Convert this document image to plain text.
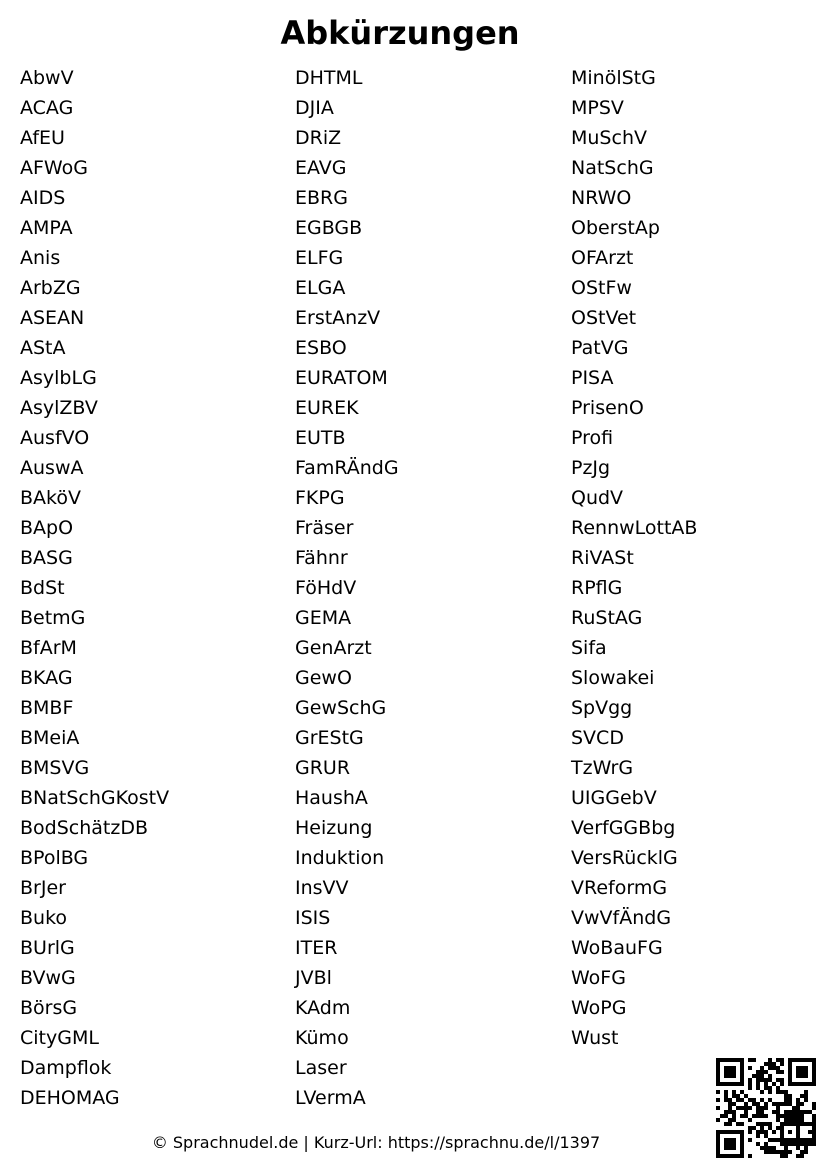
Abkürzungen
AbwV
ACAG
AfEU
AFWoG
AIDS
AMPA
Anis
ArbZG
ASEAN
AStA
AsylbLG
AsylZBV
AusfVO
AuswA
BAköV
BApO
BASG
BdSt
BetmG
BfArM
BKAG
BMBF
BMeiA
BMSVG
BNatSchGKostV
BodSchätzDB
BPolBG
BrJer
Buko
BUrlG
BVwG
BörsG
CityGML
Dampflok
DEHOMAG
DHTML
DJIA
DRiZ
EAVG
EBRG
EGBGB
ELFG
ELGA
ErstAnzV
ESBO
EURATOM
EUREK
EUTB
FamRÄndG
FKPG
Fräser
Fähnr
FöHdV
GEMA
GenArzt
GewO
GewSchG
GrEStG
GRUR
HaushA
Heizung
Induktion
InsVV
ISIS
ITER
JVBl
KAdm
Kümo
Laser
LVermA
MinölStG
MPSV
MuSchV
NatSchG
NRWO
OberstAp
OFArzt
OStFw
OStVet
PatVG
PISA
PrisenO
Profi
PzJg
QudV
RennwLottAB
RiVASt
RPflG
RuStAG
Sifa
Slowakei
SpVgg
SVCD
TzWrG
UIGGebV
VerfGGBbg
VersRücklG
VReformG
VwVfÄndG
WoBauFG
WoFG
WoPG
Wust
© Sprachnudel.de | Kurz-Url: https://sprachnu.de/l/1397
